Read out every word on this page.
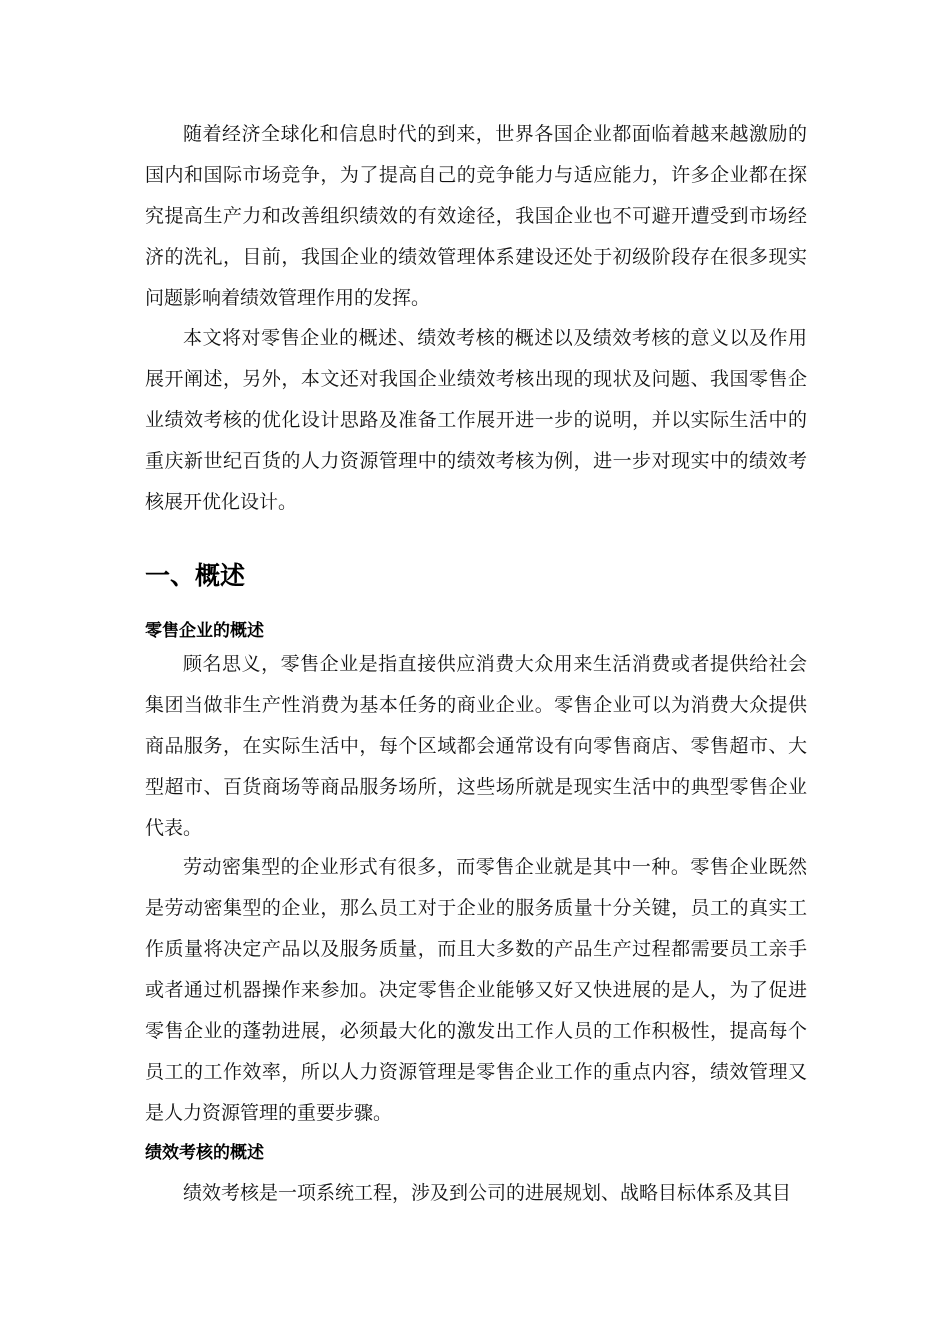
随着经济全球化和信息时代的到来，世界各国企业都面临着越来越激励的国内和国际市场竞争，为了提高自己的竞争能力与适应能力，许多企业都在探究提高生产力和改善组织绩效的有效途径，我国企业也不可避开遭受到市场经济的洗礼，目前，我国企业的绩效管理体系建设还处于初级阶段存在很多现实问题影响着绩效管理作用的发挥。

本文将对零售企业的概述、绩效考核的概述以及绩效考核的意义以及作用展开阐述，另外，本文还对我国企业绩效考核出现的现状及问题、我国零售企业绩效考核的优化设计思路及准备工作展开进一步的说明，并以实际生活中的重庆新世纪百货的人力资源管理中的绩效考核为例，进一步对现实中的绩效考核展开优化设计。

一、概述
零售企业的概述

顾名思义，零售企业是指直接供应消费大众用来生活消费或者提供给社会集团当做非生产性消费为基本任务的商业企业。零售企业可以为消费大众提供商品服务，在实际生活中，每个区域都会通常设有向零售商店、零售超市、大型超市、百货商场等商品服务场所，这些场所就是现实生活中的典型零售企业代表。

劳动密集型的企业形式有很多，而零售企业就是其中一种。零售企业既然是劳动密集型的企业，那么员工对于企业的服务质量十分关键，员工的真实工作质量将决定产品以及服务质量，而且大多数的产品生产过程都需要员工亲手或者通过机器操作来参加。决定零售企业能够又好又快进展的是人，为了促进零售企业的蓬勃进展，必须最大化的激发出工作人员的工作积极性，提高每个员工的工作效率，所以人力资源管理是零售企业工作的重点内容，绩效管理又是人力资源管理的重要步骤。

绩效考核的概述

绩效考核是一项系统工程，涉及到公司的进展规划、战略目标体系及其目
